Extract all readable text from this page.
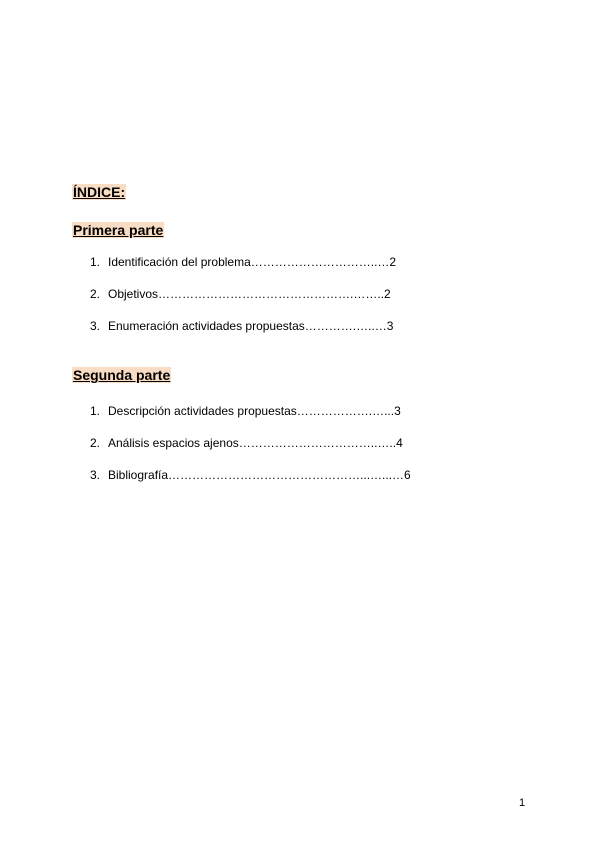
ÍNDICE:
Primera parte
1. Identificación del problema…………………………..…2
2. Objetivos………………………………………….……..2
3. Enumeración actividades propuestas………….…..…3
Segunda parte
1. Descripción actividades propuestas……………….…...3
2. Análisis espacios ajenos……………………………..…..4
3. Bibliografía…………………………………………...…...…6
1
